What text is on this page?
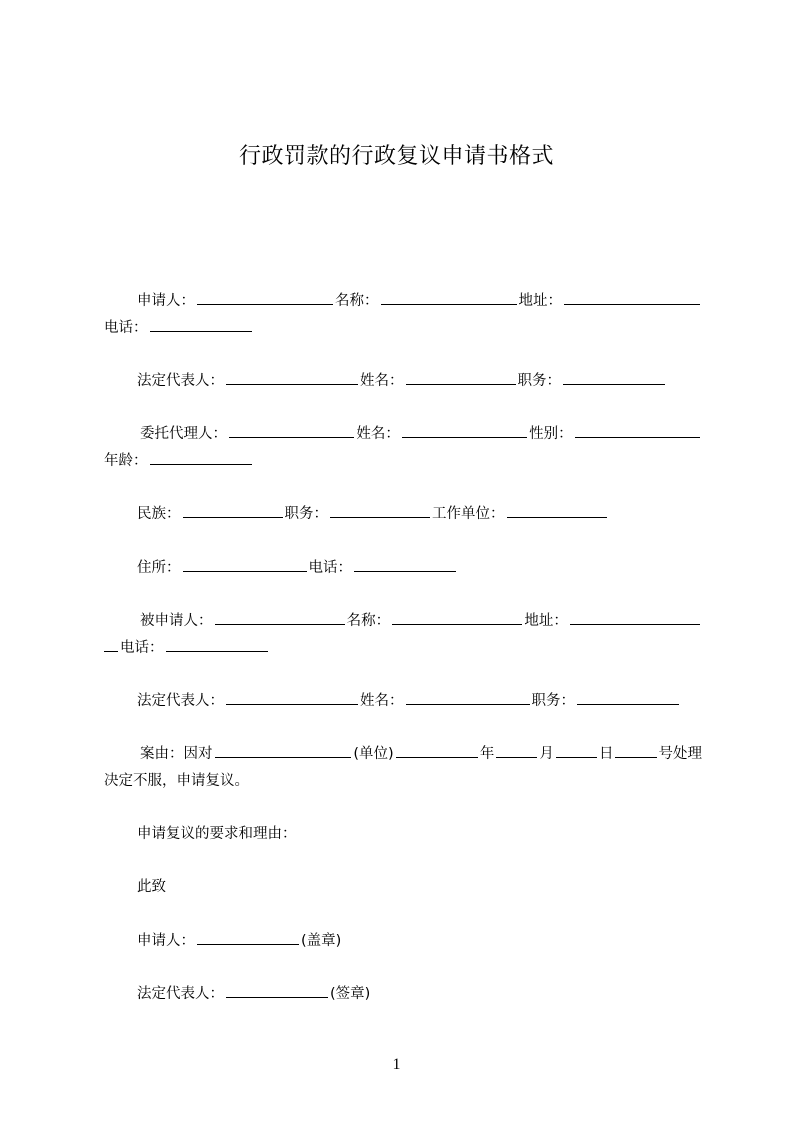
行政罚款的行政复议申请书格式
申请人：	名称：	地址：
电话：
法定代表人：	姓名：	职务：
委托代理人：	姓名：	性别：
年龄：
民族：	职务：	工作单位：
住所：	电话：
被申请人：	名称：	地址：
电话：
法定代表人：	姓名：	职务：
案由：因对	(单位)	年	月	日	号处理
决定不服，申请复议。
申请复议的要求和理由：
此致
申请人：	(盖章)
法定代表人：	(签章)
1
